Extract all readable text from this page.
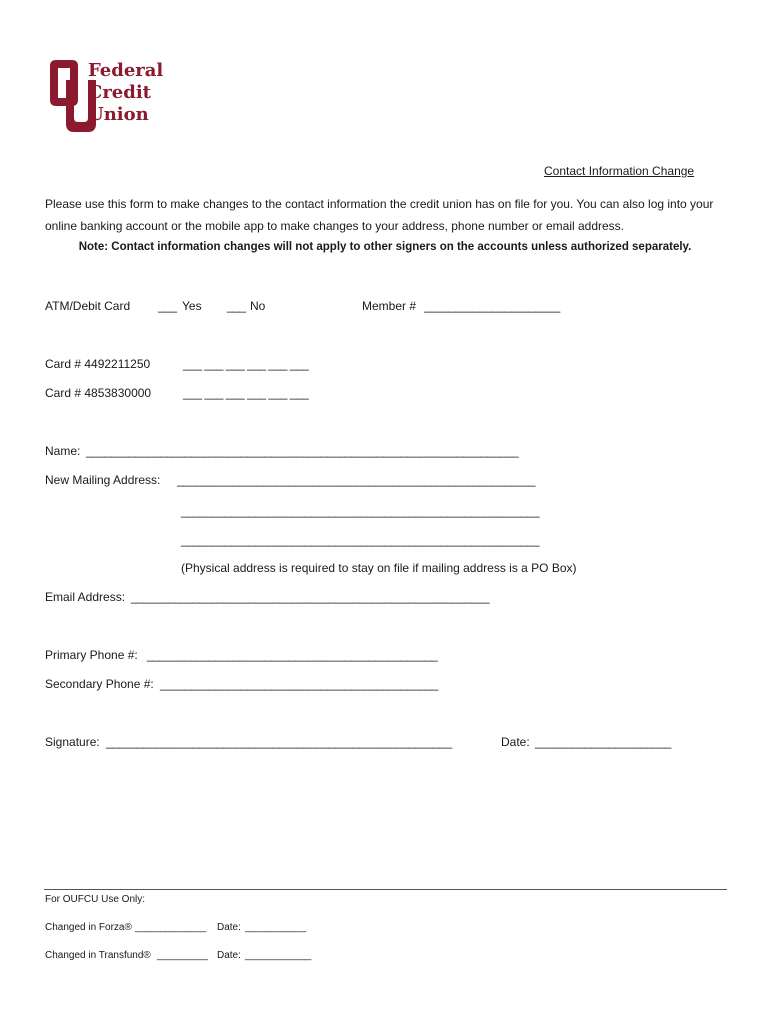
Federal
Credit
Union
Contact Information Change
Please use this form to make changes to the contact information the credit union has on file for you. You can also log into your online banking account or the mobile app to make changes to your address, phone number or email address.
Note: Contact information changes will not apply to other signers on the accounts unless authorized separately.
ATM/Debit Card ___ Yes ___ No	Member # ______________________
Card # 4492211250	___ ___ ___ ___ ___ ___
Card # 4853830000	___ ___ ___ ___ ___ ___
Name: ______________________________________________________________________
New Mailing Address: __________________________________________________________
__________________________________________________________
__________________________________________________________
(Physical address is required to stay on file if mailing address is a PO Box)
Email Address: __________________________________________________________
Primary Phone #: _______________________________________________
Secondary Phone #: _____________________________________________
Signature: ________________________________________________________	Date: ______________________
For OUFCU Use Only:
Changed in Forza® ______________ Date: ____________
Changed in Transfund® __________ Date: _____________
